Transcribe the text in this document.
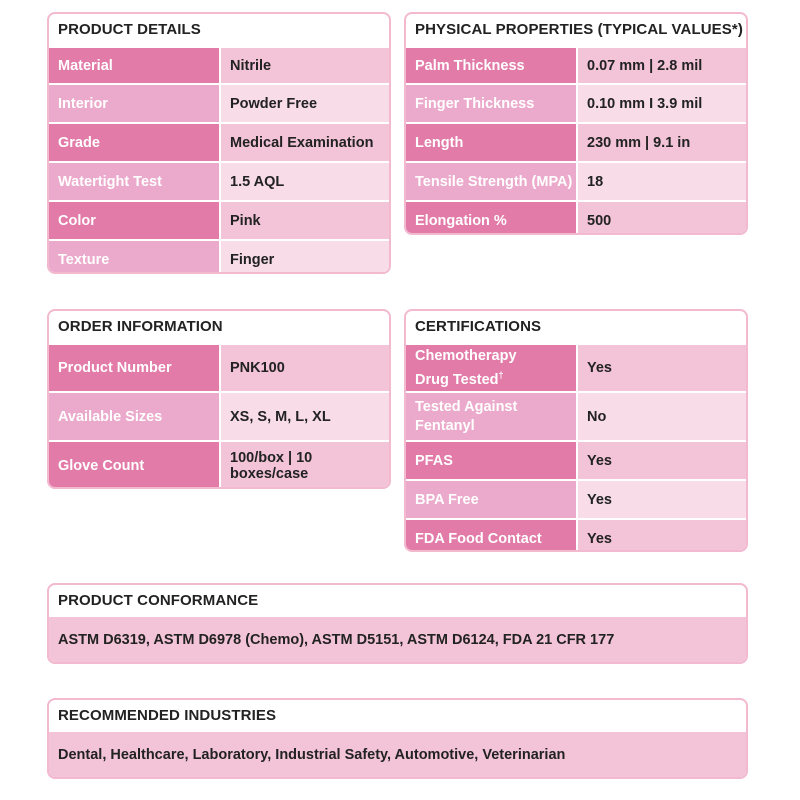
PRODUCT DETAILS
Material	Nitrile
Interior	Powder Free
Grade	Medical Examination
Watertight Test	1.5 AQL
Color	Pink
Texture	Finger
PHYSICAL PROPERTIES (TYPICAL VALUES*)
Palm Thickness	0.07 mm | 2.8 mil
Finger Thickness	0.10 mm I 3.9 mil
Length	230 mm | 9.1 in
Tensile Strength (MPA)	18
Elongation %	500
ORDER INFORMATION
Product Number	PNK100
Available Sizes	XS, S, M, L, XL
Glove Count	100/box | 10 boxes/case
CERTIFICATIONS
Chemotherapy
Drug Tested†	Yes

Tested Against
Fentanyl	No
PFAS	Yes
BPA Free	Yes
FDA Food Contact	Yes
PRODUCT CONFORMANCE
ASTM D6319, ASTM D6978 (Chemo), ASTM D5151, ASTM D6124, FDA 21 CFR 177
RECOMMENDED INDUSTRIES
Dental, Healthcare, Laboratory, Industrial Safety, Automotive, Veterinarian
